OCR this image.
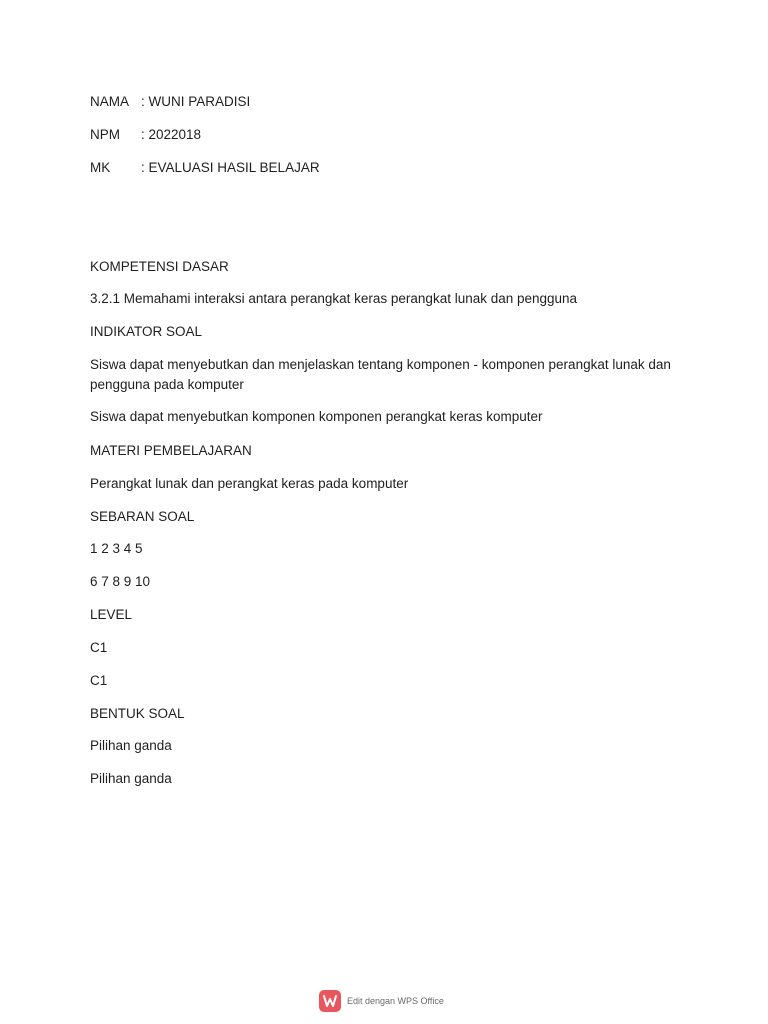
NAMA : WUNI PARADISI
NPM : 2022018
MK : EVALUASI HASIL BELAJAR
KOMPETENSI DASAR
3.2.1 Memahami interaksi antara perangkat keras perangkat lunak dan pengguna
INDIKATOR SOAL
Siswa dapat menyebutkan dan menjelaskan tentang komponen - komponen perangkat lunak dan pengguna pada komputer
Siswa dapat menyebutkan komponen komponen perangkat keras komputer
MATERI PEMBELAJARAN
Perangkat lunak dan perangkat keras pada komputer
SEBARAN SOAL
1 2 3 4 5
6 7 8 9 10
LEVEL
C1
C1
BENTUK SOAL
Pilihan ganda
Pilihan ganda
Edit dengan WPS Office
